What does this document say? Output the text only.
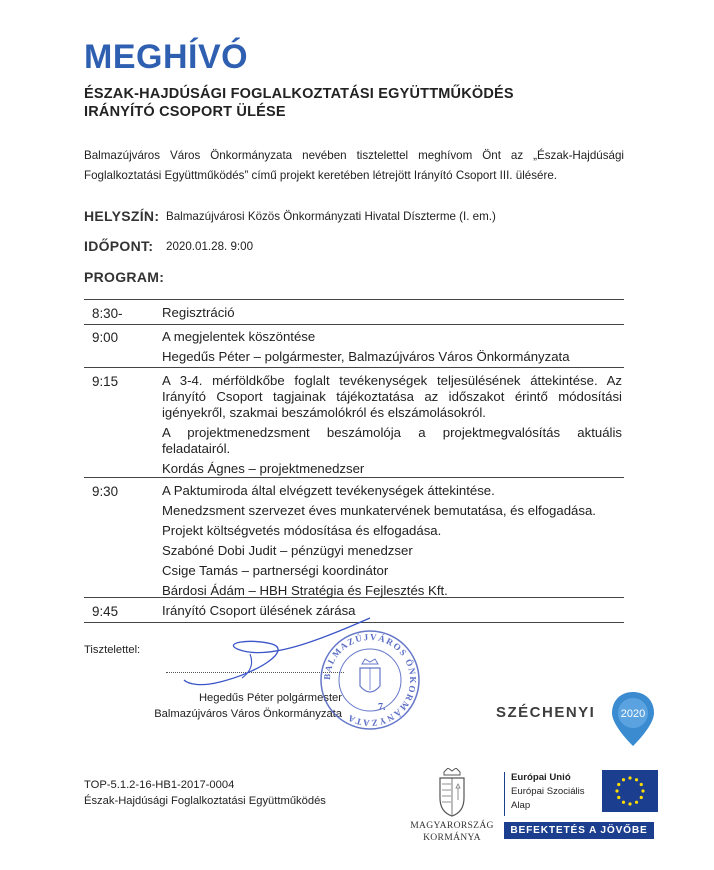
MEGHÍVÓ
ÉSZAK-HAJDÚSÁGI FOGLALKOZTATÁSI EGYÜTTMŰKÖDÉS
IRÁNYÍTÓ CSOPORT ÜLÉSE
Balmazújváros Város Önkormányzata nevében tisztelettel meghívom Önt az „Észak-Hajdúsági Foglalkoztatási Együttműködés” című projekt keretében létrejött Irányító Csoport III. ülésére.
HELYSZÍN: Balmazújvárosi Közös Önkormányzati Hivatal Díszterme (I. em.)
IDŐPONT: 2020.01.28. 9:00
PROGRAM:
8:30-	Regisztráció
9:00	A megjelentek köszöntése
Hegedűs Péter – polgármester, Balmazújváros Város Önkormányzata
9:15	A 3-4. mérföldkőbe foglalt tevékenységek teljesülésének áttekintése. Az Irányító Csoport tagjainak tájékoztatása az időszakot érintő módosítási igényekről, szakmai beszámolókról és elszámolásokról.
A projektmenedzsment beszámolója a projektmegvalósítás aktuális feladatairól.
Kordás Ágnes – projektmenedzser
9:30	A Paktumiroda által elvégzett tevékenységek áttekintése.
Menedzsment szervezet éves munkatervének bemutatása, és elfogadása.
Projekt költségvetés módosítása és elfogadása.
Szabóné Dobi Judit – pénzügyi menedzser
Csige Tamás – partnerségi koordinátor
Bárdosi Ádám – HBH Stratégia és Fejlesztés Kft.
9:45	Irányító Csoport ülésének zárása
Tisztelettel:
Hegedűs Péter polgármester
Balmazújváros Város Önkormányzata
BALMAZÚJVÁROS ÖNKORMÁNYZATA
7.
TOP-5.1.2-16-HB1-2017-0004
Észak-Hajdúsági Foglalkoztatási Együttműködés
SZÉCHENYI 2020
MAGYARORSZÁG
KORMÁNYA
Európai Unió
Európai Szociális
Alap
BEFEKTETÉS A JÖVŐBE
